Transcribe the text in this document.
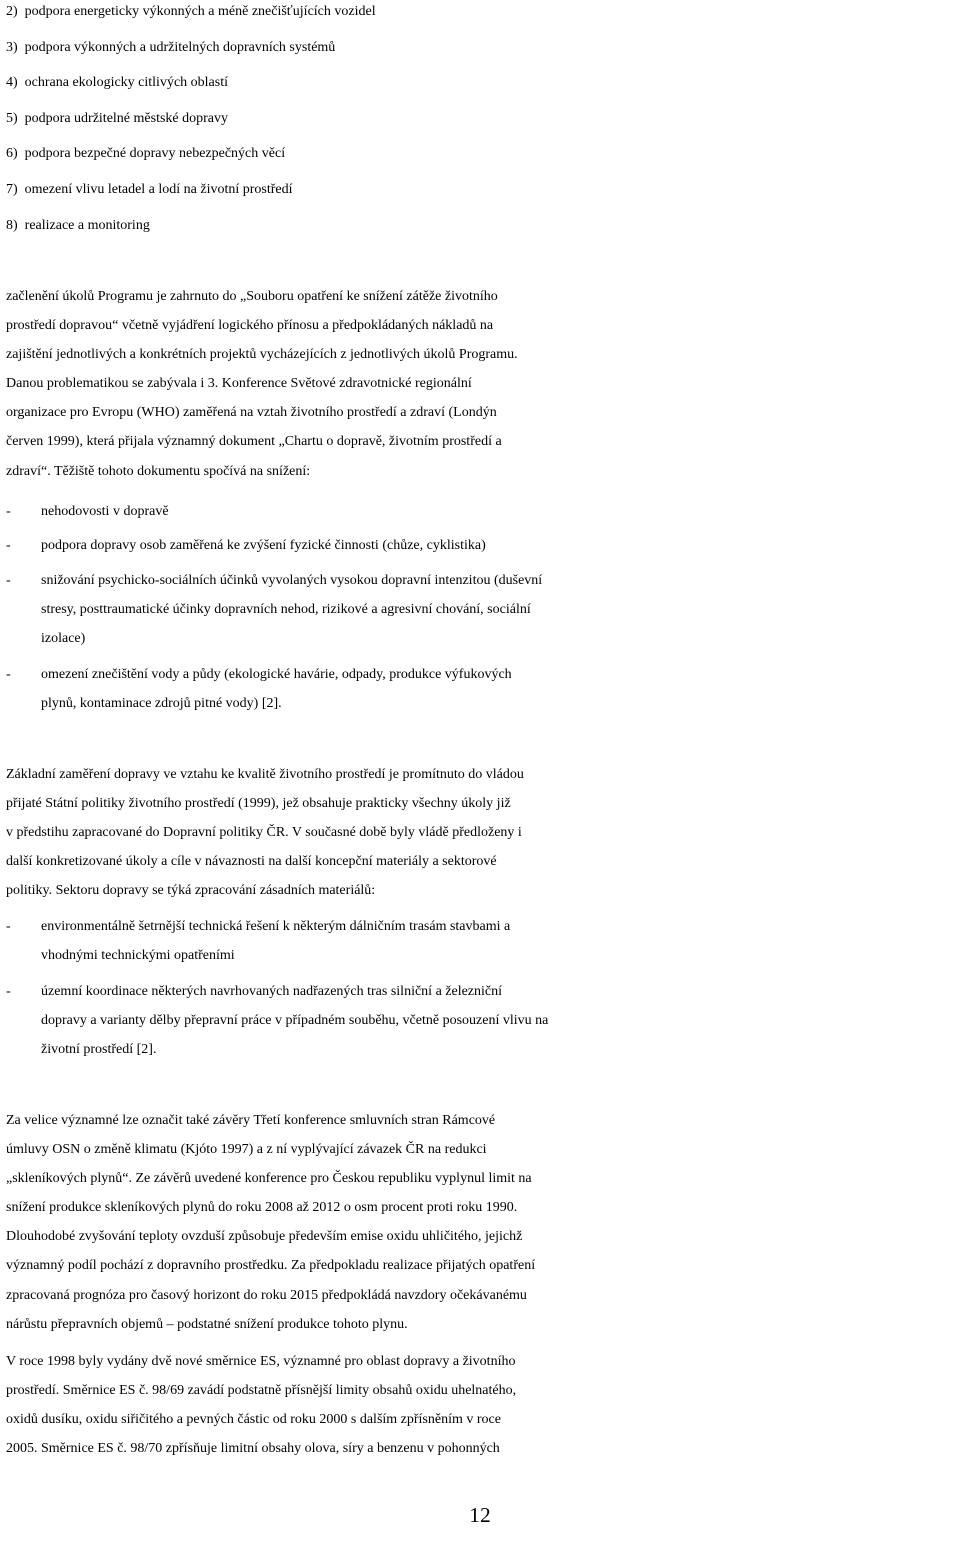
2)  podpora energeticky výkonných a méně znečišťujících vozidel
3)  podpora výkonných a udržitelných dopravních systémů
4)  ochrana ekologicky citlivých oblastí
5)  podpora udržitelné městské dopravy
6)  podpora bezpečné dopravy nebezpečných věcí
7)  omezení vlivu letadel a lodí na životní prostředí
8)  realizace a monitoring
začlenění úkolů Programu je zahrnuto do „Souboru opatření ke snížení zátěže životního
prostředí dopravou“ včetně vyjádření logického přínosu a předpokládaných nákladů na
zajištění jednotlivých a konkrétních projektů vycházejících z jednotlivých úkolů Programu.
Danou problematikou se zabývala i 3. Konference Světové zdravotnické regionální
organizace pro Evropu (WHO) zaměřená na vztah životního prostředí a zdraví (Londýn
červen 1999), která přijala významný dokument „Chartu o dopravě, životním prostředí a
zdraví“. Těžiště tohoto dokumentu spočívá na snížení:
- nehodovosti v dopravě
- podpora dopravy osob zaměřená ke zvýšení fyzické činnosti (chůze, cyklistika)
- snižování psychicko-sociálních účinků vyvolaných vysokou dopravní intenzitou (duševní
stresy, posttraumatické účinky dopravních nehod, rizikové a agresivní chování, sociální
izolace)
- omezení znečištění vody a půdy (ekologické havárie, odpady, produkce výfukových
plynů, kontaminace zdrojů pitné vody) [2].
Základní zaměření dopravy ve vztahu ke kvalitě životního prostředí je promítnuto do vládou
přijaté Státní politiky životního prostředí (1999), jež obsahuje prakticky všechny úkoly již
v předstihu zapracované do Dopravní politiky ČR. V současné době byly vládě předloženy i
další konkretizované úkoly a cíle v návaznosti na další koncepční materiály a sektorové
politiky. Sektoru dopravy se týká zpracování zásadních materiálů:
- environmentálně šetrnější technická řešení k některým dálničním trasám stavbami a
vhodnými technickými opatřeními
- územní koordinace některých navrhovaných nadřazených tras silniční a železniční
dopravy a varianty dělby přepravní práce v případném souběhu, včetně posouzení vlivu na
životní prostředí [2].
Za velice významné lze označit také závěry Třetí konference smluvních stran Rámcové
úmluvy OSN o změně klimatu (Kjóto 1997) a z ní vyplývající závazek ČR na redukci
„skleníkových plynů“. Ze závěrů uvedené konference pro Českou republiku vyplynul limit na
snížení produkce skleníkových plynů do roku 2008 až 2012 o osm procent proti roku 1990.
Dlouhodobé zvyšování teploty ovzduší způsobuje především emise oxidu uhličitého, jejichž
významný podíl pochází z dopravního prostředku. Za předpokladu realizace přijatých opatření
zpracovaná prognóza pro časový horizont do roku 2015 předpokládá navzdory očekávanému
nárůstu přepravních objemů – podstatné snížení produkce tohoto plynu.
V roce 1998 byly vydány dvě nové směrnice ES, významné pro oblast dopravy a životního
prostředí. Směrnice ES č. 98/69 zavádí podstatně přísnější limity obsahů oxidu uhelnatého,
oxidů dusíku, oxidu siřičitého a pevných částic od roku 2000 s dalším zpřísněním v roce
2005. Směrnice ES č. 98/70 zpřísňuje limitní obsahy olova, síry a benzenu v pohonných
12
